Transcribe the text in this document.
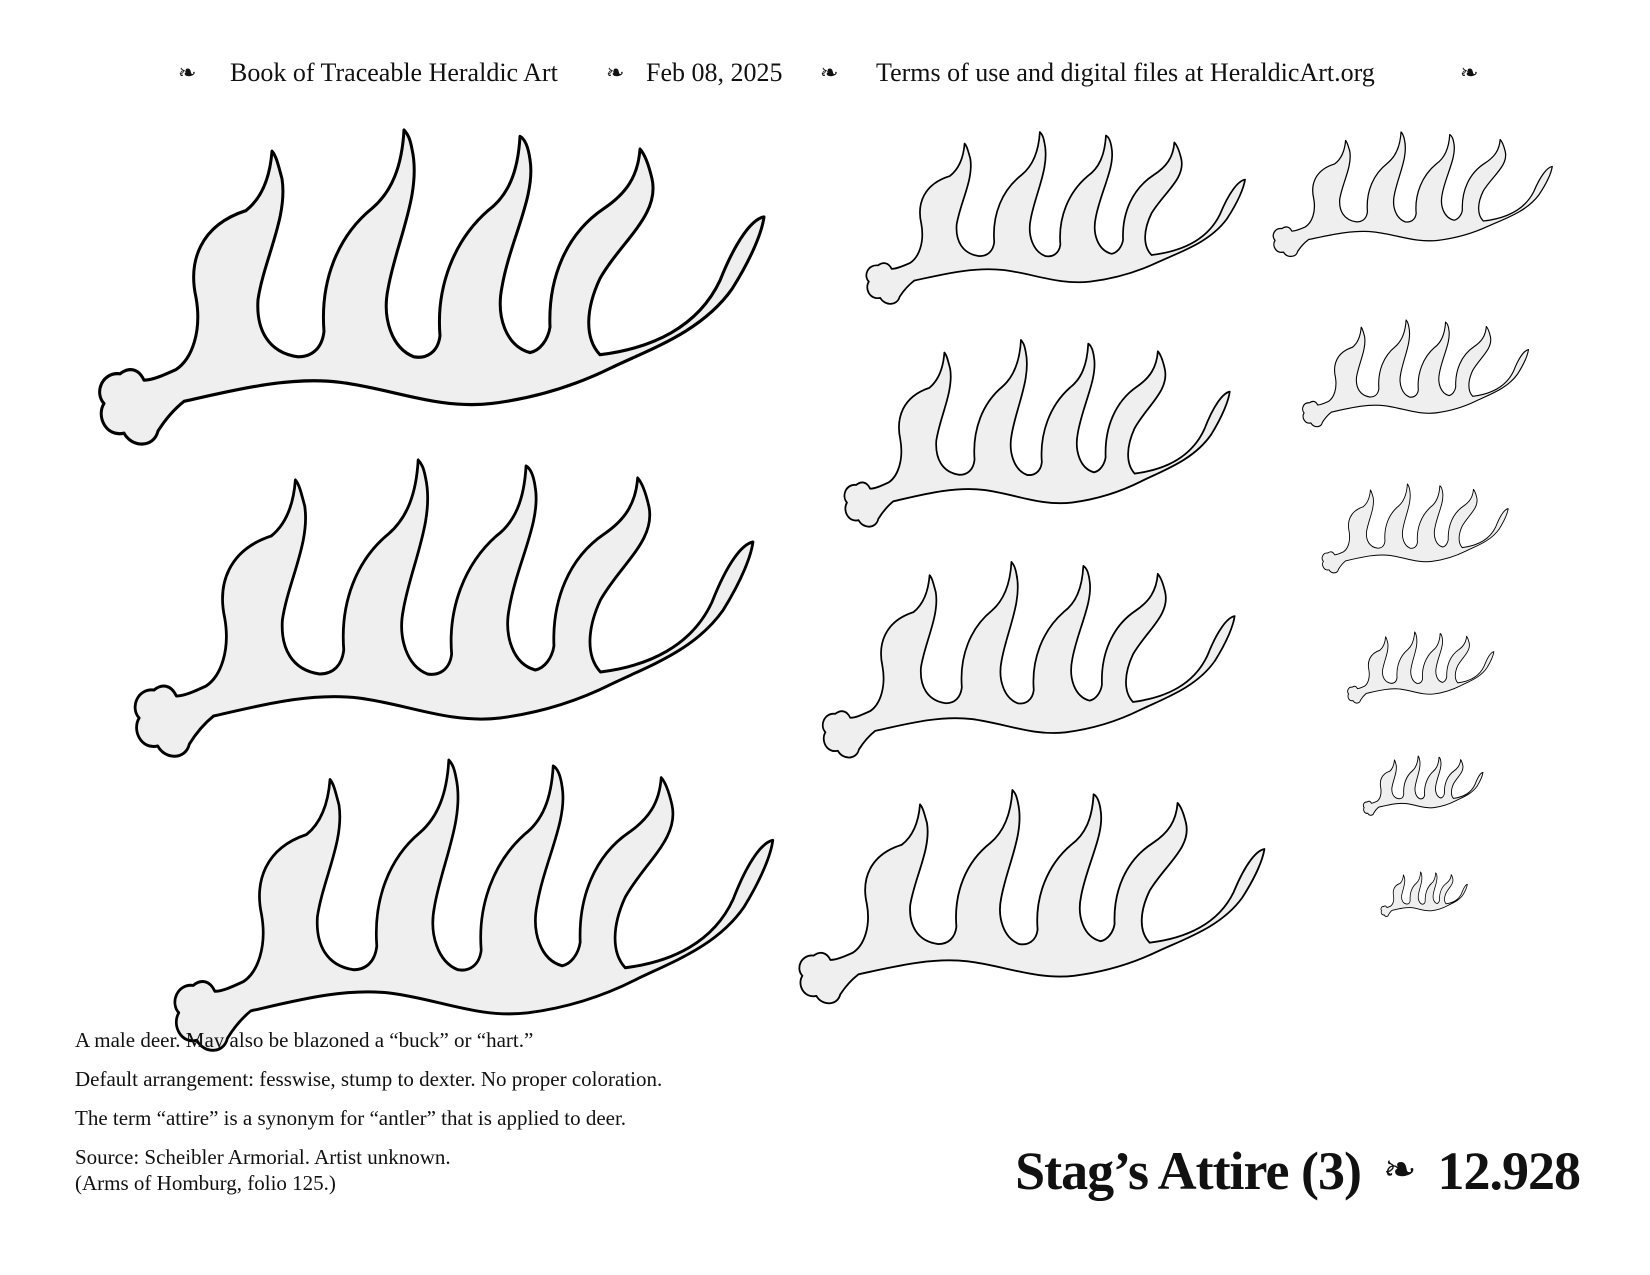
❧ Book of Traceable Heraldic Art ❧ Feb 08, 2025 ❧ Terms of use and digital files at HeraldicArt.org	❧

A male deer. May also be blazoned a “buck” or “hart.”

Default arrangement: fesswise, stump to dexter. No proper coloration.

The term “attire” is a synonym for “antler” that is applied to deer.

Source: Scheibler Armorial. Artist unknown.

(Arms of Homburg, folio 125.)	Stag’s Attire (3) ❧ 12.928
